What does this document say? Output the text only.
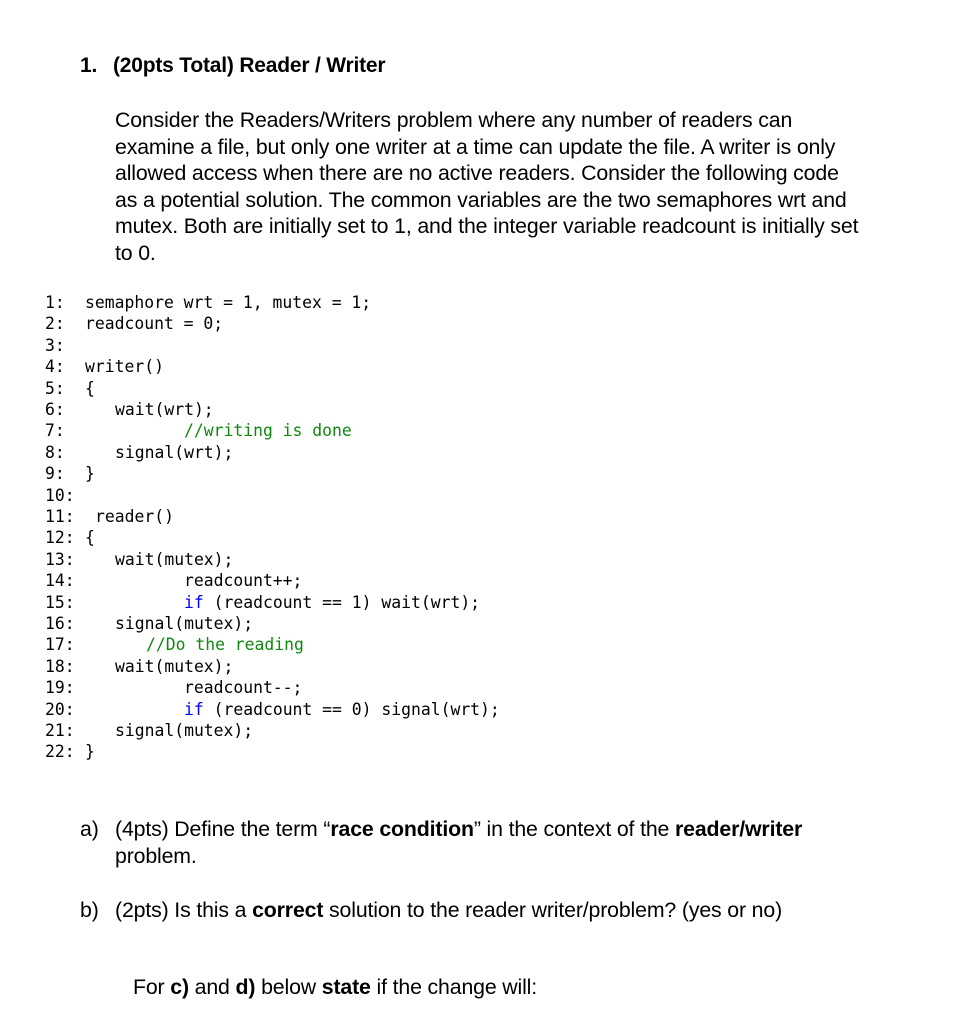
1. (20pts Total) Reader / Writer
Consider the Readers/Writers problem where any number of readers can
examine a file, but only one writer at a time can update the file. A writer is only
allowed access when there are no active readers. Consider the following code
as a potential solution. The common variables are the two semaphores wrt and
mutex. Both are initially set to 1, and the integer variable readcount is initially set
to 0.
1: semaphore wrt = 1, mutex = 1;
2: readcount = 0;
3:
4: writer()
5: {
6:	wait(wrt);
7:	//writing is done
8:	signal(wrt);
9: }
10:
11: reader()
12: {
13: wait(mutex);
14:	readcount++;
15:	if (readcount == 1) wait(wrt);
16: signal(mutex);
17:	//Do the reading
18: wait(mutex);
19:	readcount--;
20:	if (readcount == 0) signal(wrt);
21: signal(mutex);
22: }
a) (4pts) Define the term “race condition” in the context of the reader/writer
problem.
b) (2pts) Is this a correct solution to the reader writer/problem? (yes or no)
For c) and d) below state if the change will:
